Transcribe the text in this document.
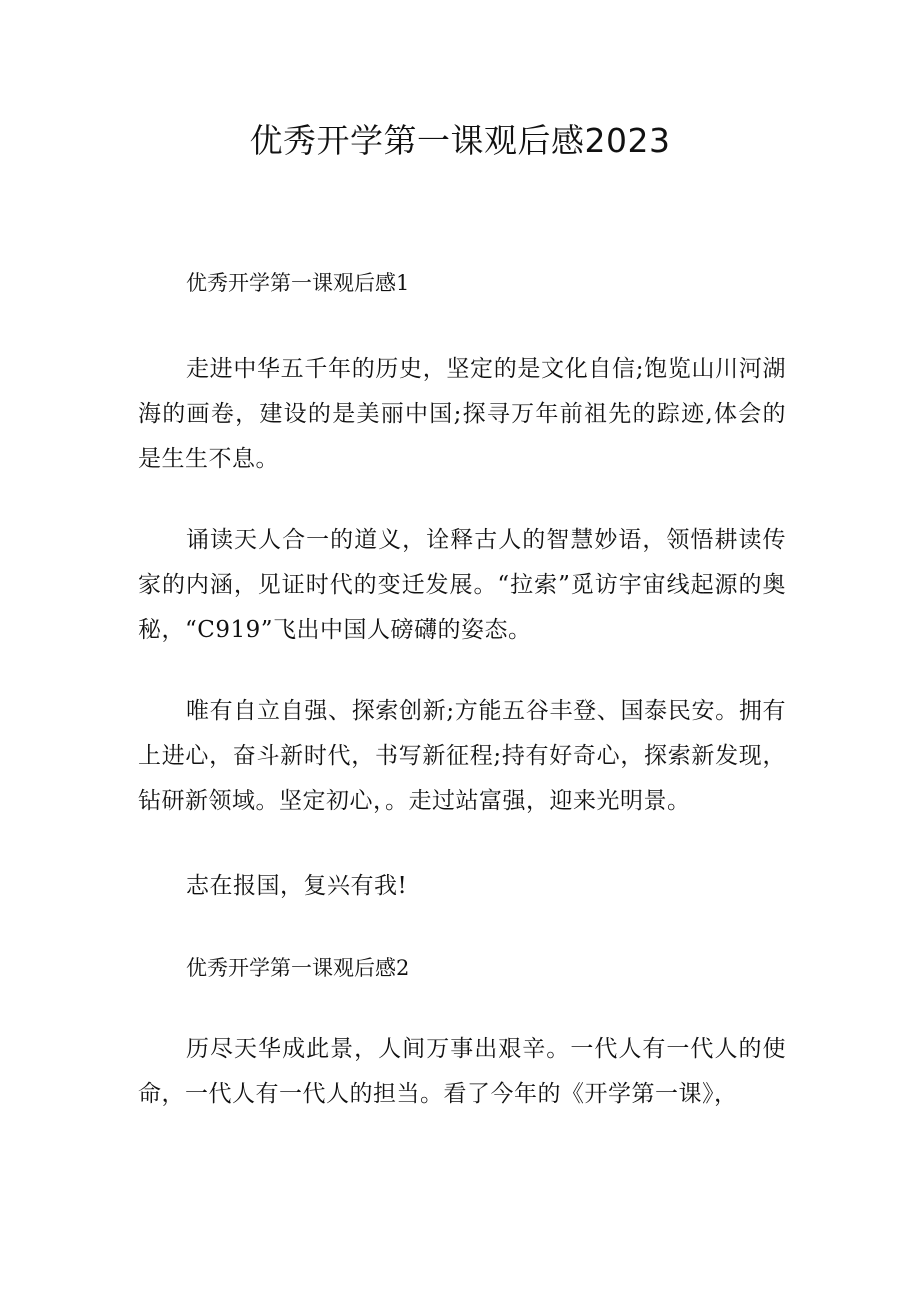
优秀开学第一课观后感2023
优秀开学第一课观后感1

走进中华五千年的历史，坚定的是文化自信;饱览山川河湖海的画卷，建设的是美丽中国;探寻万年前祖先的踪迹,体会的是生生不息。

诵读天人合一的道义，诠释古人的智慧妙语，领悟耕读传家的内涵，见证时代的变迁发展。“拉索”觅访宇宙线起源的奥秘，“C919”飞出中国人磅礴的姿态。

唯有自立自强、探索创新;方能五谷丰登、国泰民安。拥有上进心，奋斗新时代，书写新征程;持有好奇心，探索新发现，钻研新领域。坚定初心，。走过站富强，迎来光明景。

志在报国，复兴有我!

优秀开学第一课观后感2

历尽天华成此景，人间万事出艰辛。一代人有一代人的使命，一代人有一代人的担当。看了今年的《开学第一课》，
